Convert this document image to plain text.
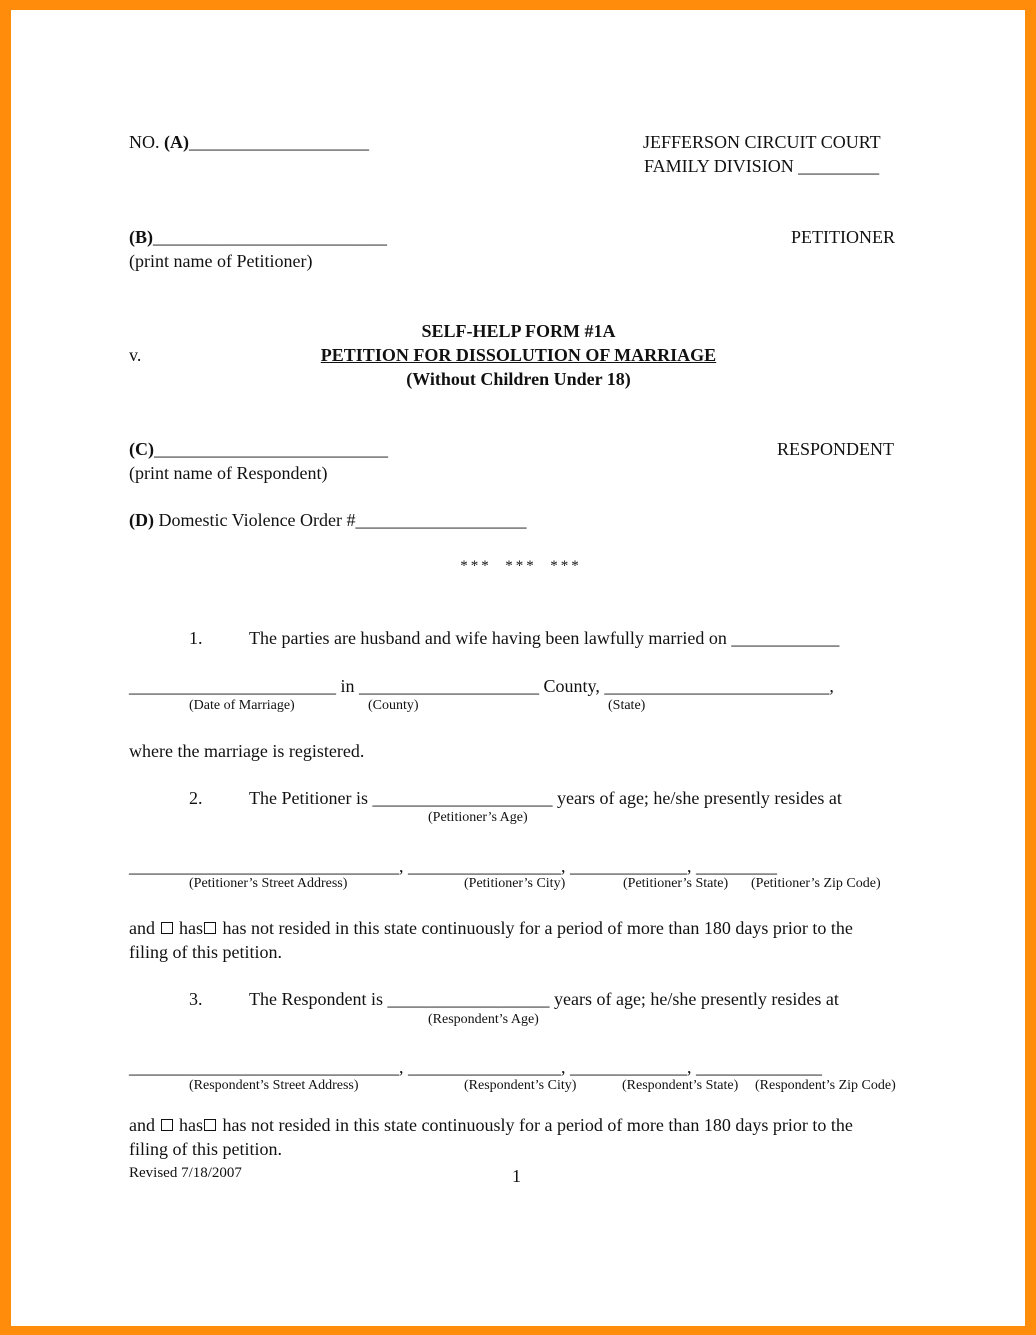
NO. (A)____________________	JEFFERSON CIRCUIT COURT
FAMILY DIVISION _________
(B)__________________________
(print name of Petitioner)
PETITIONER
SELF-HELP FORM #1A
v.	PETITION FOR DISSOLUTION OF MARRIAGE
(Without Children Under 18)
(C)__________________________
(print name of Respondent)
RESPONDENT
(D) Domestic Violence Order #___________________
***  ***  ***
1.	The parties are husband and wife having been lawfully married on ____________
_______________________ in ____________________ County, _________________________,
(Date of Marriage)	(County)	(State)
where the marriage is registered.
2.	The Petitioner is ____________________ years of age; he/she presently resides at
(Petitioner’s Age)
______________________________, _________________, _____________, _________
(Petitioner’s Street Address)	(Petitioner’s City)	(Petitioner’s State) (Petitioner’s Zip Code)
and has has not resided in this state continuously for a period of more than 180 days prior to the
filing of this petition.
3.	The Respondent is __________________ years of age; he/she presently resides at
(Respondent’s Age)
______________________________, _________________, _____________, ______________
(Respondent’s Street Address)	(Respondent’s City)	(Respondent’s State) (Respondent’s Zip Code)
and has has not resided in this state continuously for a period of more than 180 days prior to the
filing of this petition.
Revised 7/18/2007	1
